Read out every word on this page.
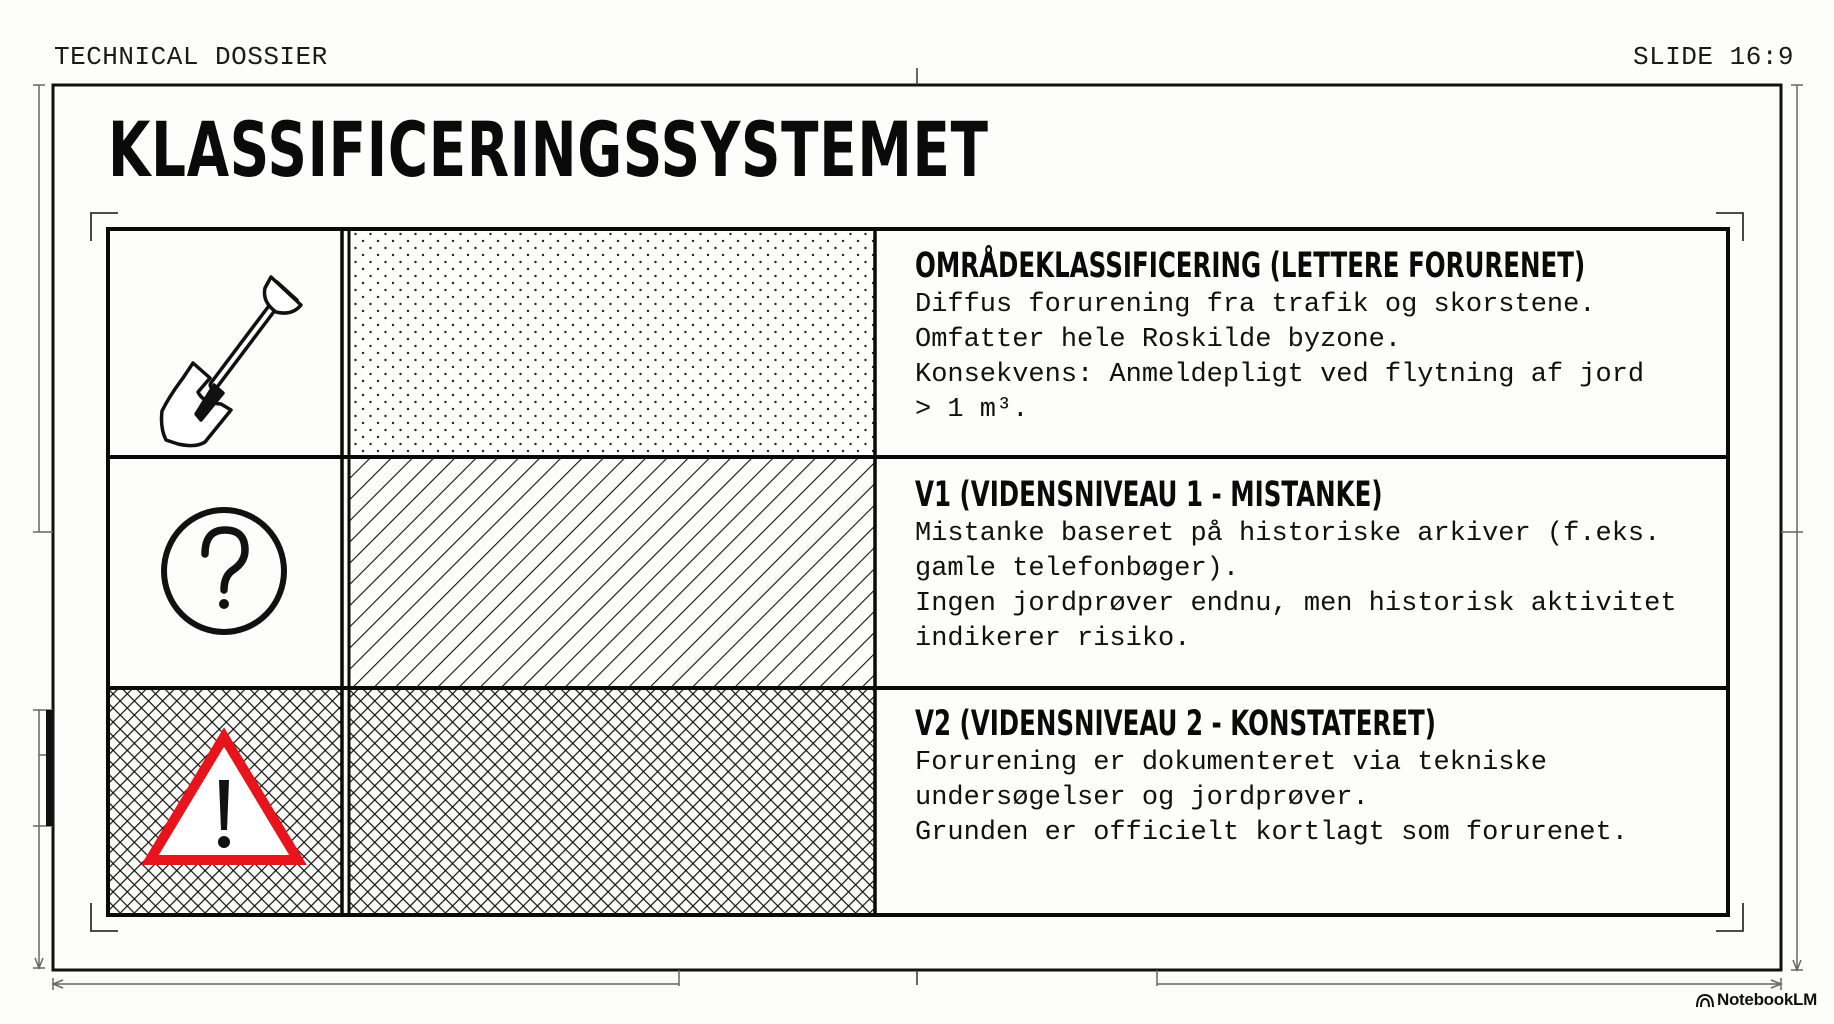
TECHNICAL DOSSIER	SLIDE 16:9
KLASSIFICERINGSSYSTEMET
OMRÅDEKLASSIFICERING (LETTERE FORURENET)
Diffus forurening fra trafik og skorstene.
Omfatter hele Roskilde byzone.
Konsekvens: Anmeldepligt ved flytning af jord
> 1 m³.
V1 (VIDENSNIVEAU 1 - MISTANKE)
Mistanke baseret på historiske arkiver (f.eks.
gamle telefonbøger).
Ingen jordprøver endnu, men historisk aktivitet
indikerer risiko.
V2 (VIDENSNIVEAU 2 - KONSTATERET)
Forurening er dokumenteret via tekniske
undersøgelser og jordprøver.
Grunden er officielt kortlagt som forurenet.
NotebookLM
